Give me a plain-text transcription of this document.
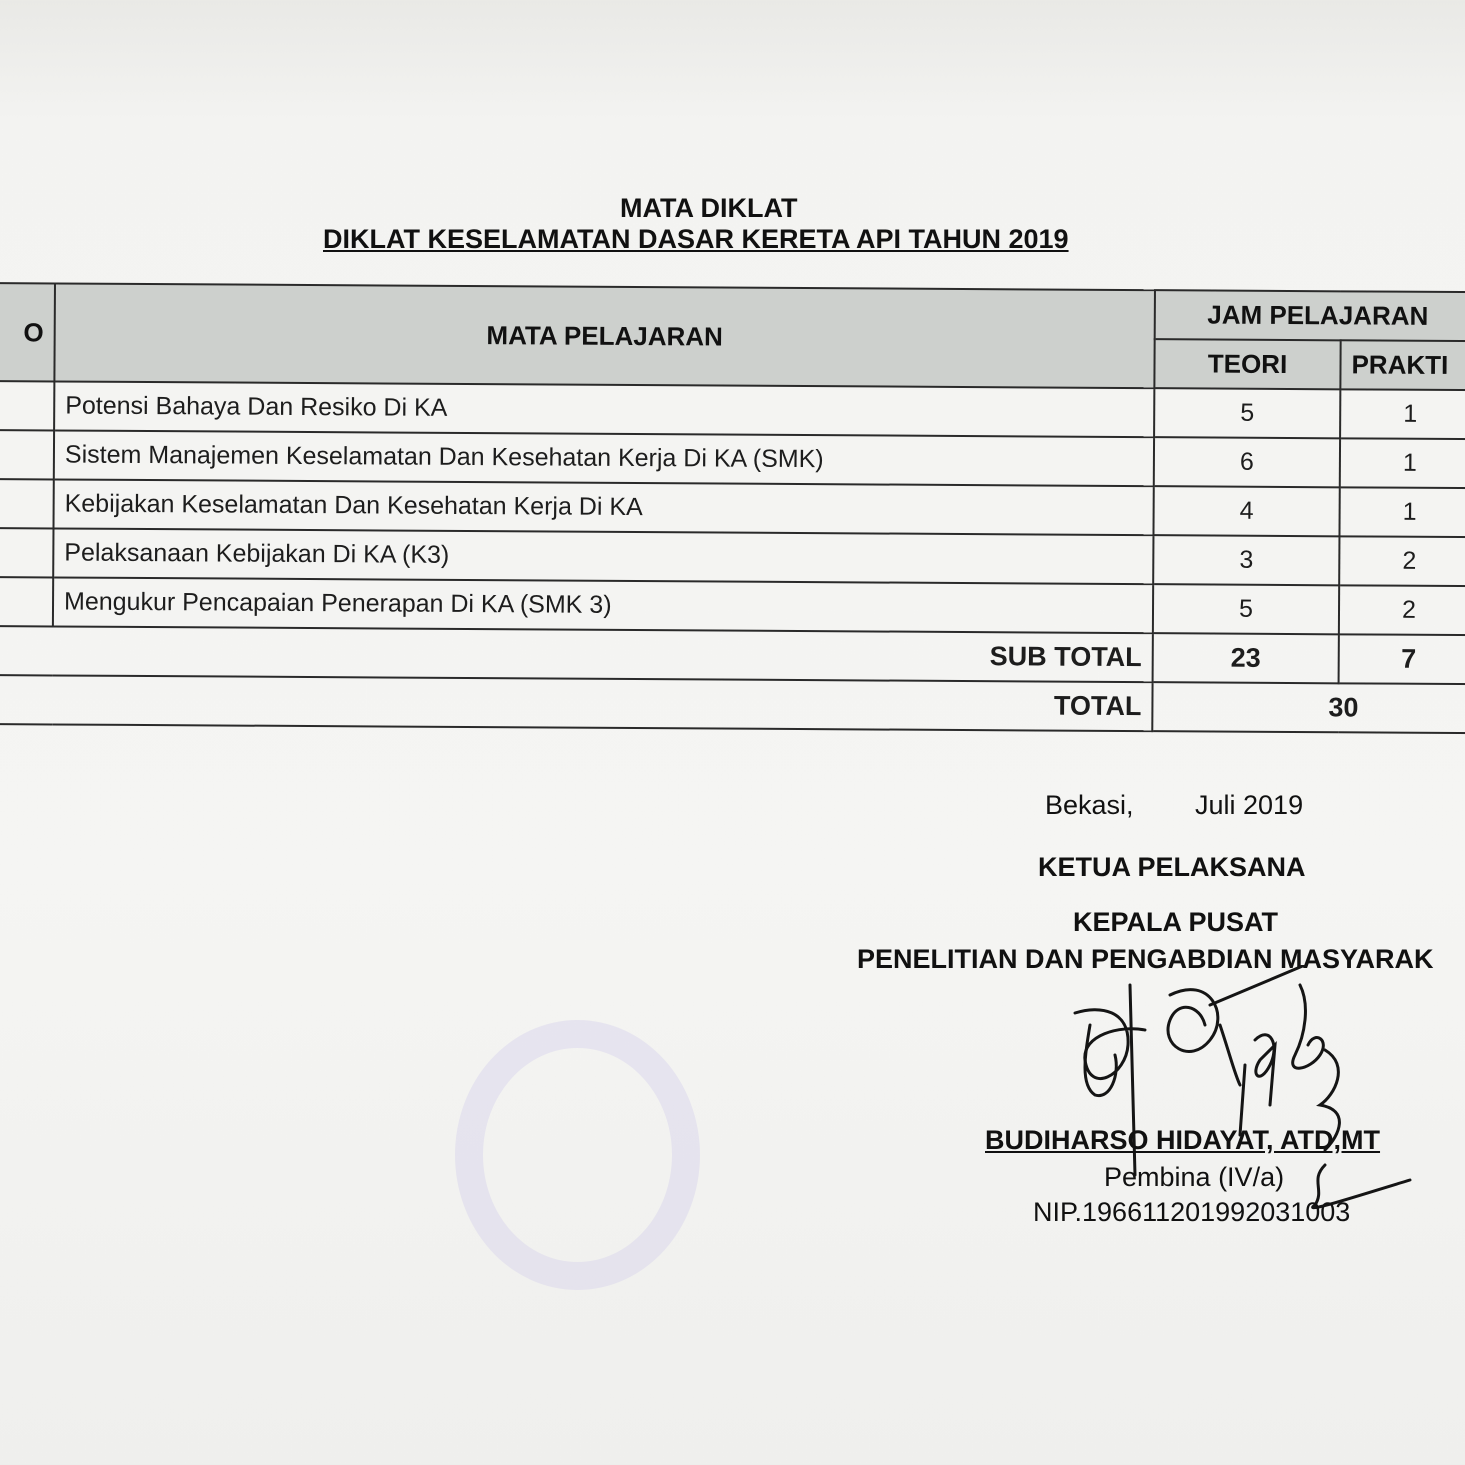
MATA DIKLAT
DIKLAT KESELAMATAN DASAR KERETA API TAHUN 2019
O	MATA PELAJARAN	JAM PELAJARAN	
		TEORI	PRAKTI
	Potensi Bahaya Dan Resiko Di KA	5	1
	Sistem Manajemen Keselamatan Dan Kesehatan Kerja Di KA (SMK)	6	1
	Kebijakan Keselamatan Dan Kesehatan Kerja Di KA	4	1
	Pelaksanaan Kebijakan Di KA (K3)	3	2
	Mengukur Pencapaian Penerapan Di KA (SMK 3)	5	2
SUB TOTAL		23	7
TOTAL		30	
Bekasi, Juli 2019
KETUA PELAKSANA
KEPALA PUSAT
PENELITIAN DAN PENGABDIAN MASYARAK
BUDIHARSO HIDAYAT, ATD,MT
Pembina (IV/a)
NIP.196611201992031003
